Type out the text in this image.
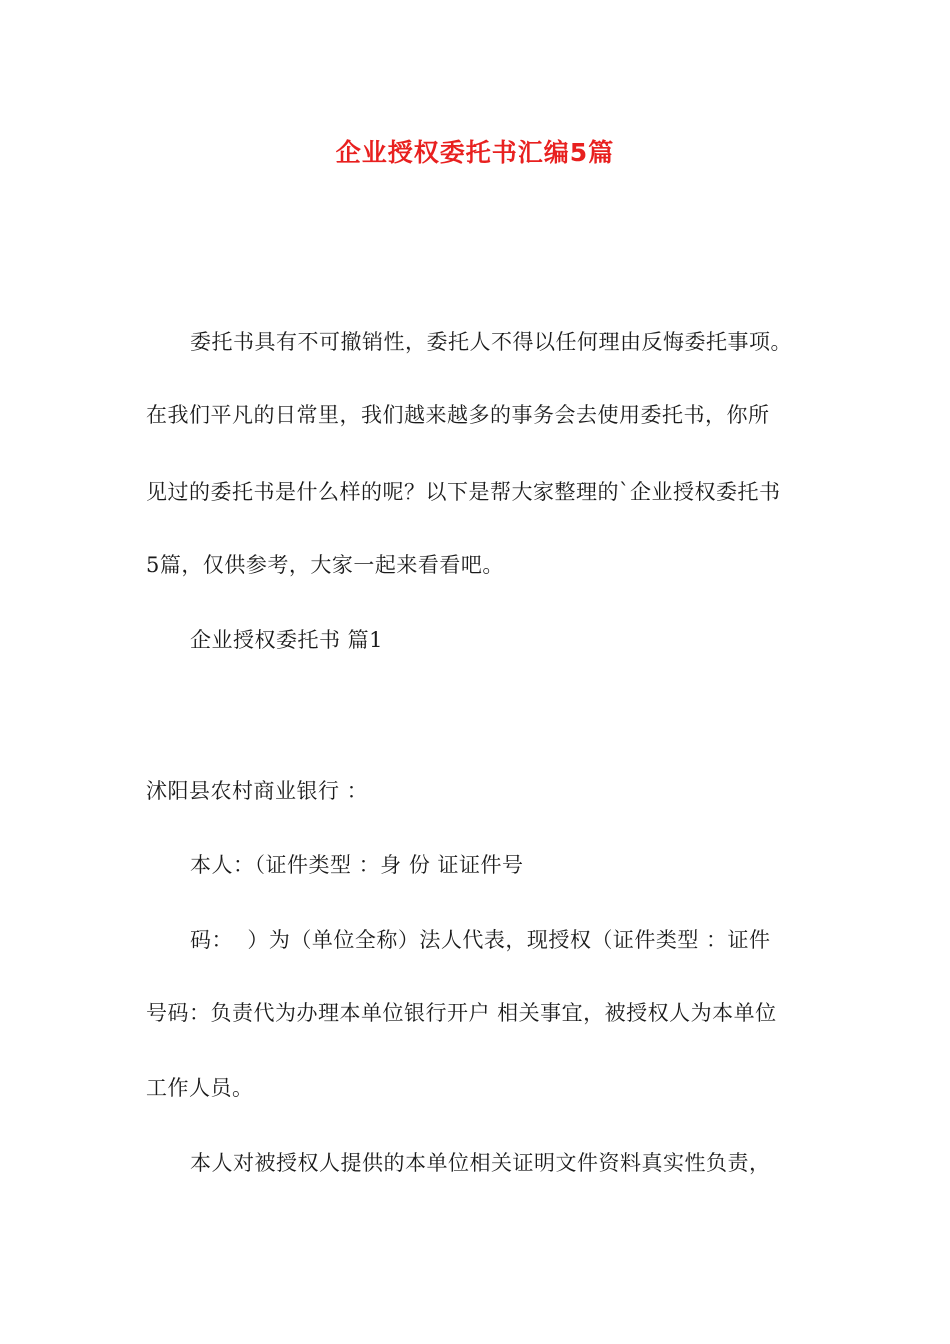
企业授权委托书汇编5篇
委托书具有不可撤销性，委托人不得以任何理由反悔委托事项。
在我们平凡的日常里，我们越来越多的事务会去使用委托书，你所
见过的委托书是什么样的呢？以下是帮大家整理的`企业授权委托书
5篇，仅供参考，大家一起来看看吧。
企业授权委托书 篇1
沭阳县农村商业银行 ：
本人：（证件类型 ：身 份 证证件号
码：  ）为（单位全称）法人代表，现授权（证件类型 ：证件
号码：负责代为办理本单位银行开户 相关事宜，被授权人为本单位
工作人员。
本人对被授权人提供的本单位相关证明文件资料真实性负责，
